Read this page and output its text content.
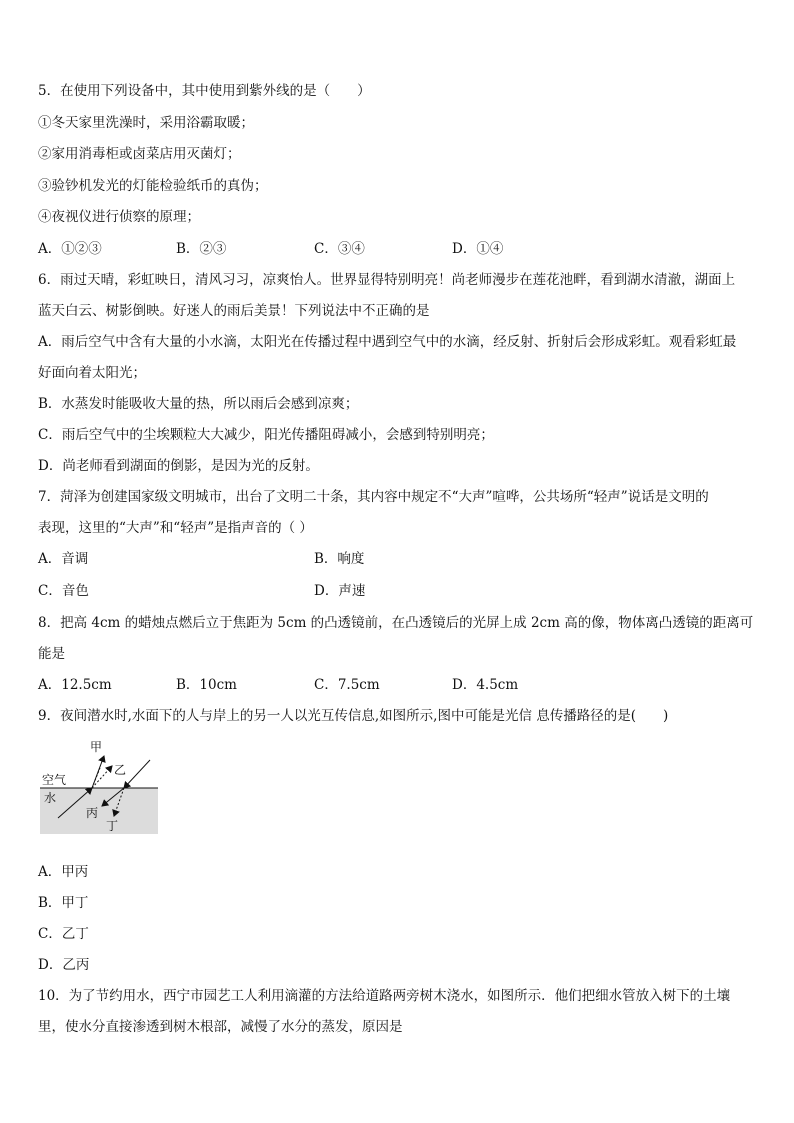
5．在使用下列设备中，其中使用到紫外线的是（　　）
①冬天家里洗澡时，采用浴霸取暖；
②家用消毒柜或卤菜店用灭菌灯；
③验钞机发光的灯能检验纸币的真伪；
④夜视仪进行侦察的原理；
A．①②③	B．②③	C．③④	D．①④
6．雨过天晴，彩虹映日，清风习习，凉爽怡人。世界显得特别明亮！尚老师漫步在莲花池畔，看到湖水清澈，湖面上
蓝天白云、树影倒映。好迷人的雨后美景！下列说法中不正确的是
A．雨后空气中含有大量的小水滴，太阳光在传播过程中遇到空气中的水滴，经反射、折射后会形成彩虹。观看彩虹最
好面向着太阳光；
B．水蒸发时能吸收大量的热，所以雨后会感到凉爽；
C．雨后空气中的尘埃颗粒大大减少，阳光传播阻碍减小，会感到特别明亮；
D．尚老师看到湖面的倒影，是因为光的反射。
7．菏泽为创建国家级文明城市，出台了文明二十条，其内容中规定不“大声”喧哗，公共场所“轻声”说话是文明的
表现，这里的“大声”和“轻声”是指声音的（ ）
A．音调	B．响度
C．音色	D．声速
8．把高 4cm 的蜡烛点燃后立于焦距为 5cm 的凸透镜前，在凸透镜后的光屏上成 2cm 高的像，物体离凸透镜的距离可
能是
A．12.5cm	B．10cm	C．7.5cm	D．4.5cm
9．夜间潜水时,水面下的人与岸上的另一人以光互传信息,如图所示,图中可能是光信 息传播路径的是(　　)
甲
乙
空气
水
丙
丁
A．甲丙
B．甲丁
C．乙丁
D．乙丙
10．为了节约用水，西宁市园艺工人利用滴灌的方法给道路两旁树木浇水，如图所示．他们把细水管放入树下的土壤
里，使水分直接渗透到树木根部，减慢了水分的蒸发，原因是
